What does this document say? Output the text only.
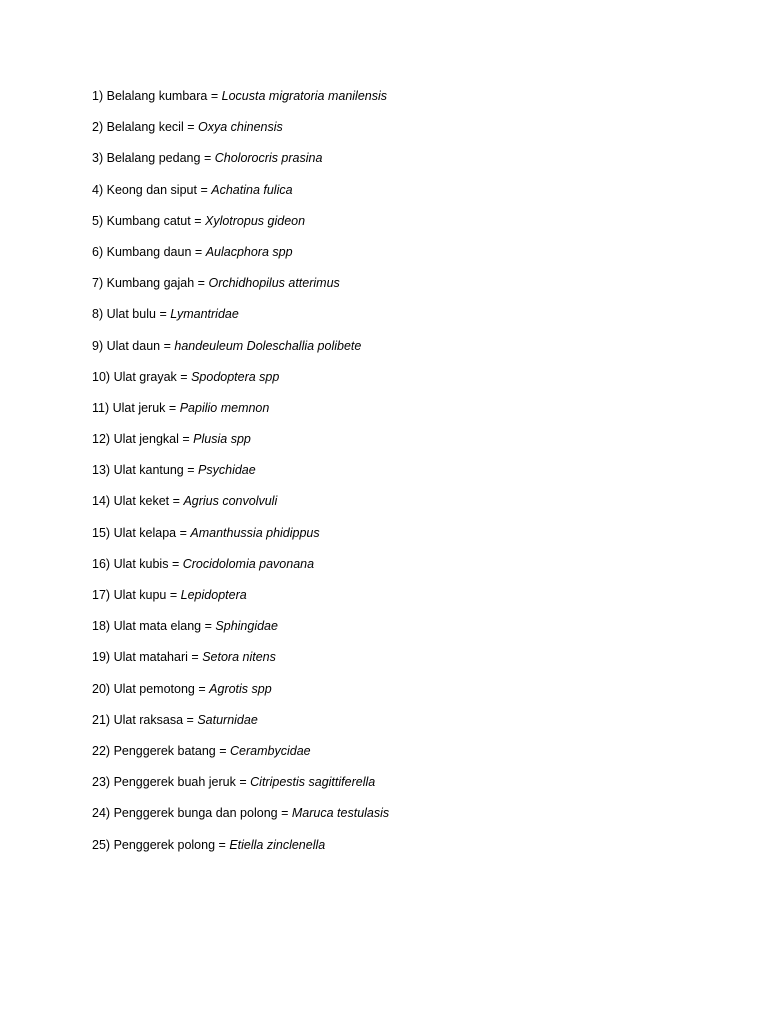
1) Belalang kumbara = Locusta migratoria manilensis
2) Belalang kecil = Oxya chinensis
3) Belalang pedang = Cholorocris prasina
4) Keong dan siput = Achatina fulica
5) Kumbang catut = Xylotropus gideon
6) Kumbang daun = Aulacphora spp
7) Kumbang gajah = Orchidhopilus atterimus
8) Ulat bulu = Lymantridae
9) Ulat daun = handeuleum Doleschallia polibete
10) Ulat grayak = Spodoptera spp
11) Ulat jeruk = Papilio memnon
12) Ulat jengkal = Plusia spp
13) Ulat kantung = Psychidae
14) Ulat keket = Agrius convolvuli
15) Ulat kelapa = Amanthussia phidippus
16) Ulat kubis = Crocidolomia pavonana
17) Ulat kupu = Lepidoptera
18) Ulat mata elang = Sphingidae
19) Ulat matahari = Setora nitens
20) Ulat pemotong = Agrotis spp
21) Ulat raksasa = Saturnidae
22) Penggerek batang = Cerambycidae
23) Penggerek buah jeruk = Citripestis sagittiferella
24) Penggerek bunga dan polong = Maruca testulasis
25) Penggerek polong = Etiella zinclenella
